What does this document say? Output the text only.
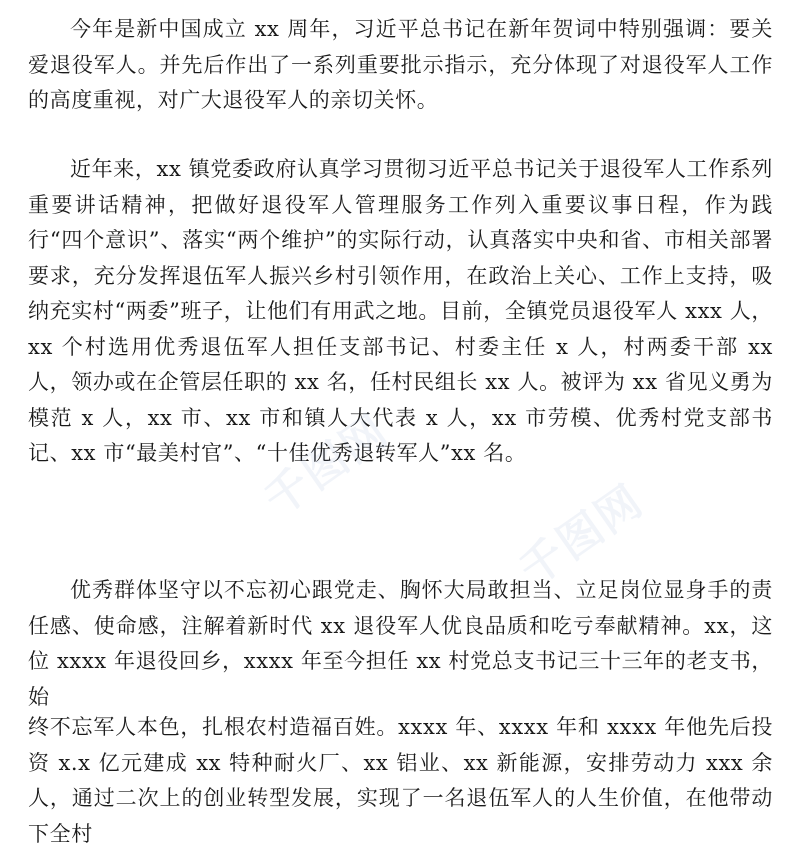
今年是新中国成立 xx 周年，习近平总书记在新年贺词中特别强调：要关爱退役军人。并先后作出了一系列重要批示指示，充分体现了对退役军人工作的高度重视，对广大退役军人的亲切关怀。

近年来，xx 镇党委政府认真学习贯彻习近平总书记关于退役军人工作系列重要讲话精神，把做好退役军人管理服务工作列入重要议事日程，作为践行“四个意识”、落实“两个维护”的实际行动，认真落实中央和省、市相关部署要求，充分发挥退伍军人振兴乡村引领作用，在政治上关心、工作上支持，吸纳充实村“两委”班子，让他们有用武之地。目前，全镇党员退役军人 xxx 人，xx 个村选用优秀退伍军人担任支部书记、村委主任 x 人，村两委干部 xx 人，领办或在企管层任职的 xx 名，任村民组长 xx 人。被评为 xx 省见义勇为模范 x 人，xx 市、xx 市和镇人大代表 x 人，xx 市劳模、优秀村党支部书记、xx 市“最美村官”、“十佳优秀退转军人”xx 名。

优秀群体坚守以不忘初心跟党走、胸怀大局敢担当、立足岗位显身手的责任感、使命感，注解着新时代 xx 退役军人优良品质和吃亏奉献精神。xx，这位 xxxx 年退役回乡，xxxx 年至今担任 xx 村党总支书记三十三年的老支书，始

终不忘军人本色，扎根农村造福百姓。xxxx 年、xxxx 年和 xxxx 年他先后投资 x.x 亿元建成 xx 特种耐火厂、xx 铝业、xx 新能源，安排劳动力 xxx 余人，通过二次上的创业转型发展，实现了一名退伍军人的人生价值，在他带动下全村

千图网
千图网
